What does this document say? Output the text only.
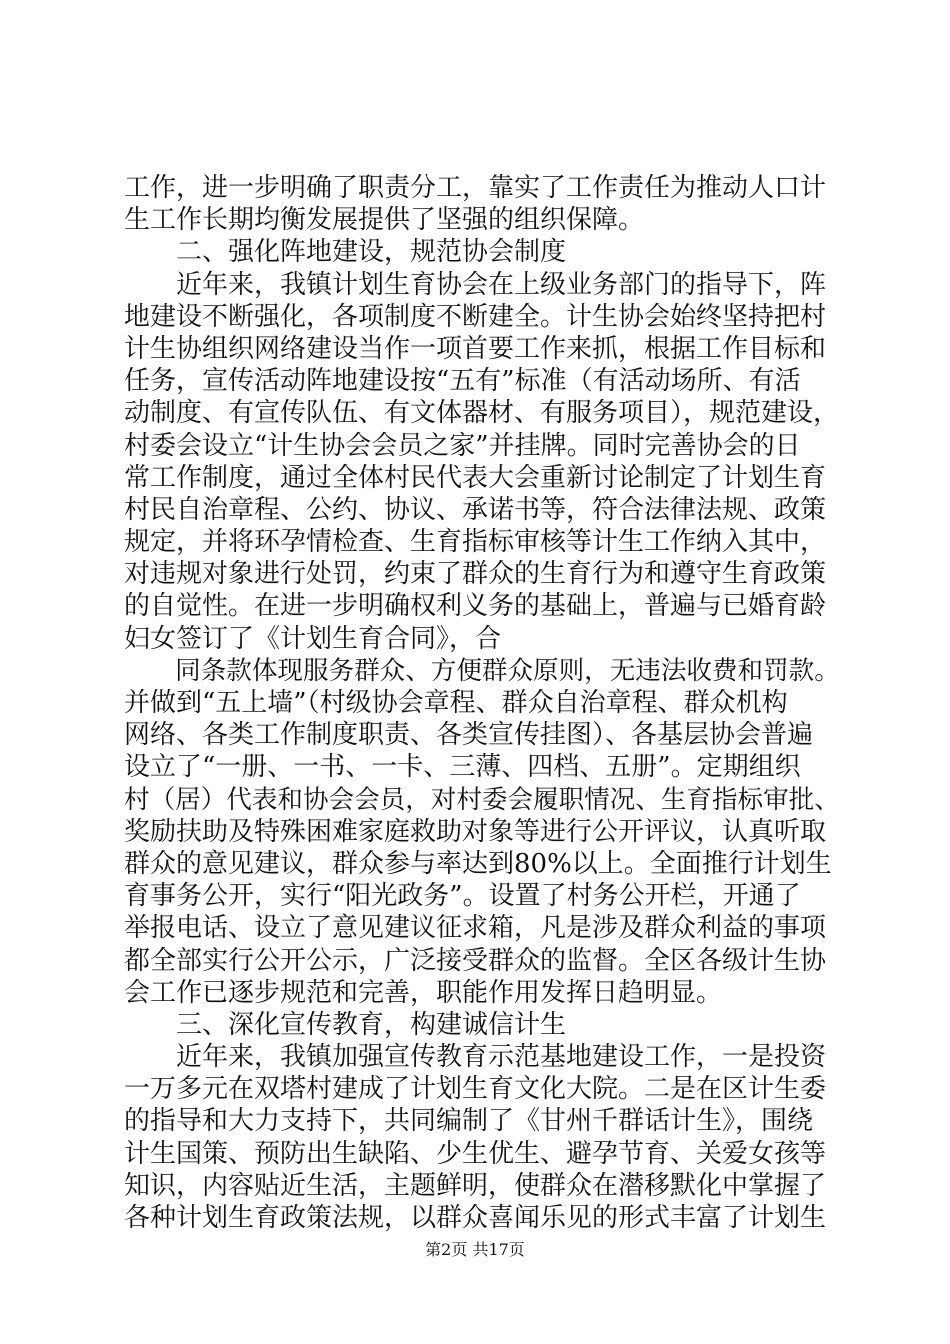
工作，进一步明确了职责分工，靠实了工作责任为推动人口计
生工作长期均衡发展提供了坚强的组织保障。
　　二、强化阵地建设，规范协会制度
　　近年来，我镇计划生育协会在上级业务部门的指导下，阵
地建设不断强化，各项制度不断建全。计生协会始终坚持把村
计生协组织网络建设当作一项首要工作来抓，根据工作目标和
任务，宣传活动阵地建设按“五有”标准（有活动场所、有活
动制度、有宣传队伍、有文体器材、有服务项目），规范建设，
村委会设立“计生协会会员之家”并挂牌。同时完善协会的日
常工作制度，通过全体村民代表大会重新讨论制定了计划生育
村民自治章程、公约、协议、承诺书等，符合法律法规、政策
规定，并将环孕情检查、生育指标审核等计生工作纳入其中，
对违规对象进行处罚，约束了群众的生育行为和遵守生育政策
的自觉性。在进一步明确权利义务的基础上，普遍与已婚育龄
妇女签订了《计划生育合同》，合
　　同条款体现服务群众、方便群众原则，无违法收费和罚款。
并做到“五上墙”（村级协会章程、群众自治章程、群众机构
网络、各类工作制度职责、各类宣传挂图）、各基层协会普遍
设立了“一册、一书、一卡、三薄、四档、五册”。定期组织
村（居）代表和协会会员，对村委会履职情况、生育指标审批、
奖励扶助及特殊困难家庭救助对象等进行公开评议，认真听取
群众的意见建议，群众参与率达到80%以上。全面推行计划生
育事务公开，实行“阳光政务”。设置了村务公开栏，开通了
举报电话、设立了意见建议征求箱，凡是涉及群众利益的事项
都全部实行公开公示，广泛接受群众的监督。全区各级计生协
会工作已逐步规范和完善，职能作用发挥日趋明显。
　　三、深化宣传教育，构建诚信计生
　　近年来，我镇加强宣传教育示范基地建设工作，一是投资
一万多元在双塔村建成了计划生育文化大院。二是在区计生委
的指导和大力支持下，共同编制了《甘州千群话计生》，围绕
计生国策、预防出生缺陷、少生优生、避孕节育、关爱女孩等
知识，内容贴近生活，主题鲜明，使群众在潜移默化中掌握了
各种计划生育政策法规，以群众喜闻乐见的形式丰富了计划生
第2页 共17页
